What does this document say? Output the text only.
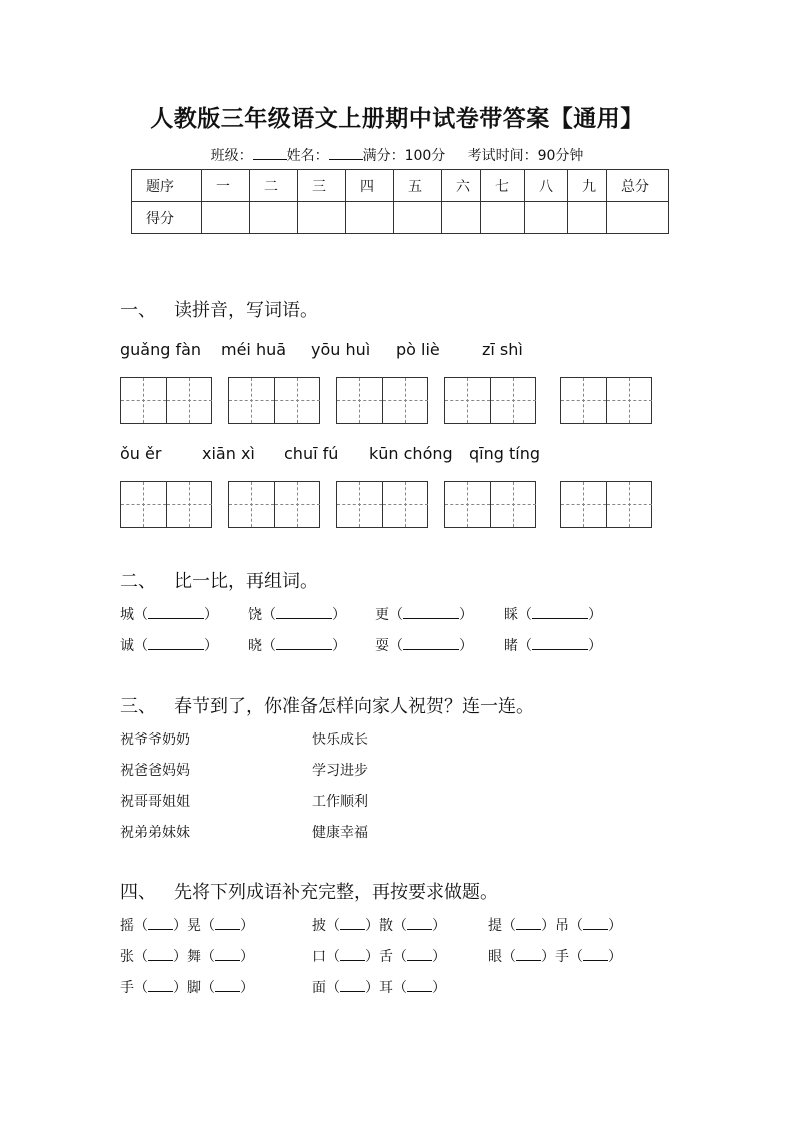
人教版三年级语文上册期中试卷带答案【通用】
班级： 姓名： 满分：100分 考试时间：90分钟
题序	一	二	三	四	五	六	七	八	九	总分
得分										
一、 读拼音，写词语。
guǎng fàn méi huā yōu huì pò liè	zī shì
ǒu ěr	xiān xì chuī fú kūn chóng qīng tíng
二、 比一比，再组词。
城（	） 饶（	） 更（	） 睬（	）
诚（	） 晓（	） 耍（	） 睹（	）
三、 春节到了，你准备怎样向家人祝贺？连一连。
祝爷爷奶奶
祝爸爸妈妈
祝哥哥姐姐
祝弟弟妹妹
快乐成长
学习进步
工作顺利
健康幸福
四、 先将下列成语补充完整，再按要求做题。
摇（ ）晃（ ）	披（ ）散（ ）	提（ ）吊（ ）
张（ ）舞（ ）	口（ ）舌（ ）	眼（ ）手（ ）
手（ ）脚（ ）	面（ ）耳（ ）
